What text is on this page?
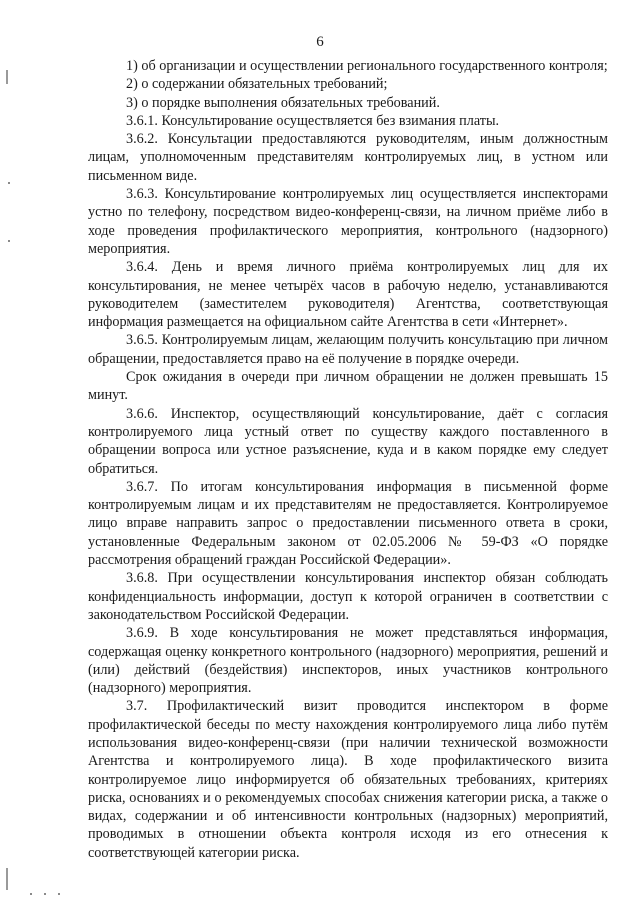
6

1) об организации и осуществлении регионального государственного контроля;

2) о содержании обязательных требований;

3) о порядке выполнения обязательных требований.

3.6.1. Консультирование осуществляется без взимания платы.

3.6.2. Консультации предоставляются руководителям, иным должностным лицам, уполномоченным представителям контролируемых лиц, в устном или письменном виде.

3.6.3. Консультирование контролируемых лиц осуществляется инспекторами устно по телефону, посредством видео-конференц-связи, на личном приёме либо в ходе проведения профилактического мероприятия, контрольного (надзорного) мероприятия.

3.6.4. День и время личного приёма контролируемых лиц для их консультирования, не менее четырёх часов в рабочую неделю, устанавливаются руководителем (заместителем руководителя) Агентства, соответствующая информация размещается на официальном сайте Агентства в сети «Интернет».

3.6.5. Контролируемым лицам, желающим получить консультацию при личном обращении, предоставляется право на её получение в порядке очереди.

Срок ожидания в очереди при личном обращении не должен превышать 15 минут.

3.6.6. Инспектор, осуществляющий консультирование, даёт с согласия контролируемого лица устный ответ по существу каждого поставленного в обращении вопроса или устное разъяснение, куда и в каком порядке ему следует обратиться.

3.6.7. По итогам консультирования информация в письменной форме контролируемым лицам и их представителям не предоставляется. Контролируемое лицо вправе направить запрос о предоставлении письменного ответа в сроки, установленные Федеральным законом от 02.05.2006 № 59-ФЗ «О порядке рассмотрения обращений граждан Российской Федерации».

3.6.8. При осуществлении консультирования инспектор обязан соблюдать конфиденциальность информации, доступ к которой ограничен в соответствии с законодательством Российской Федерации.

3.6.9. В ходе консультирования не может представляться информация, содержащая оценку конкретного контрольного (надзорного) мероприятия, решений и (или) действий (бездействия) инспекторов, иных участников контрольного (надзорного) мероприятия.

3.7. Профилактический визит проводится инспектором в форме профилактической беседы по месту нахождения контролируемого лица либо путём использования видео-конференц-связи (при наличии технической возможности Агентства и контролируемого лица). В ходе профилактического визита контролируемое лицо информируется об обязательных требованиях, критериях риска, основаниях и о рекомендуемых способах снижения категории риска, а также о видах, содержании и об интенсивности контрольных (надзорных) мероприятий, проводимых в отношении объекта контроля исходя из его отнесения к соответствующей категории риска.
